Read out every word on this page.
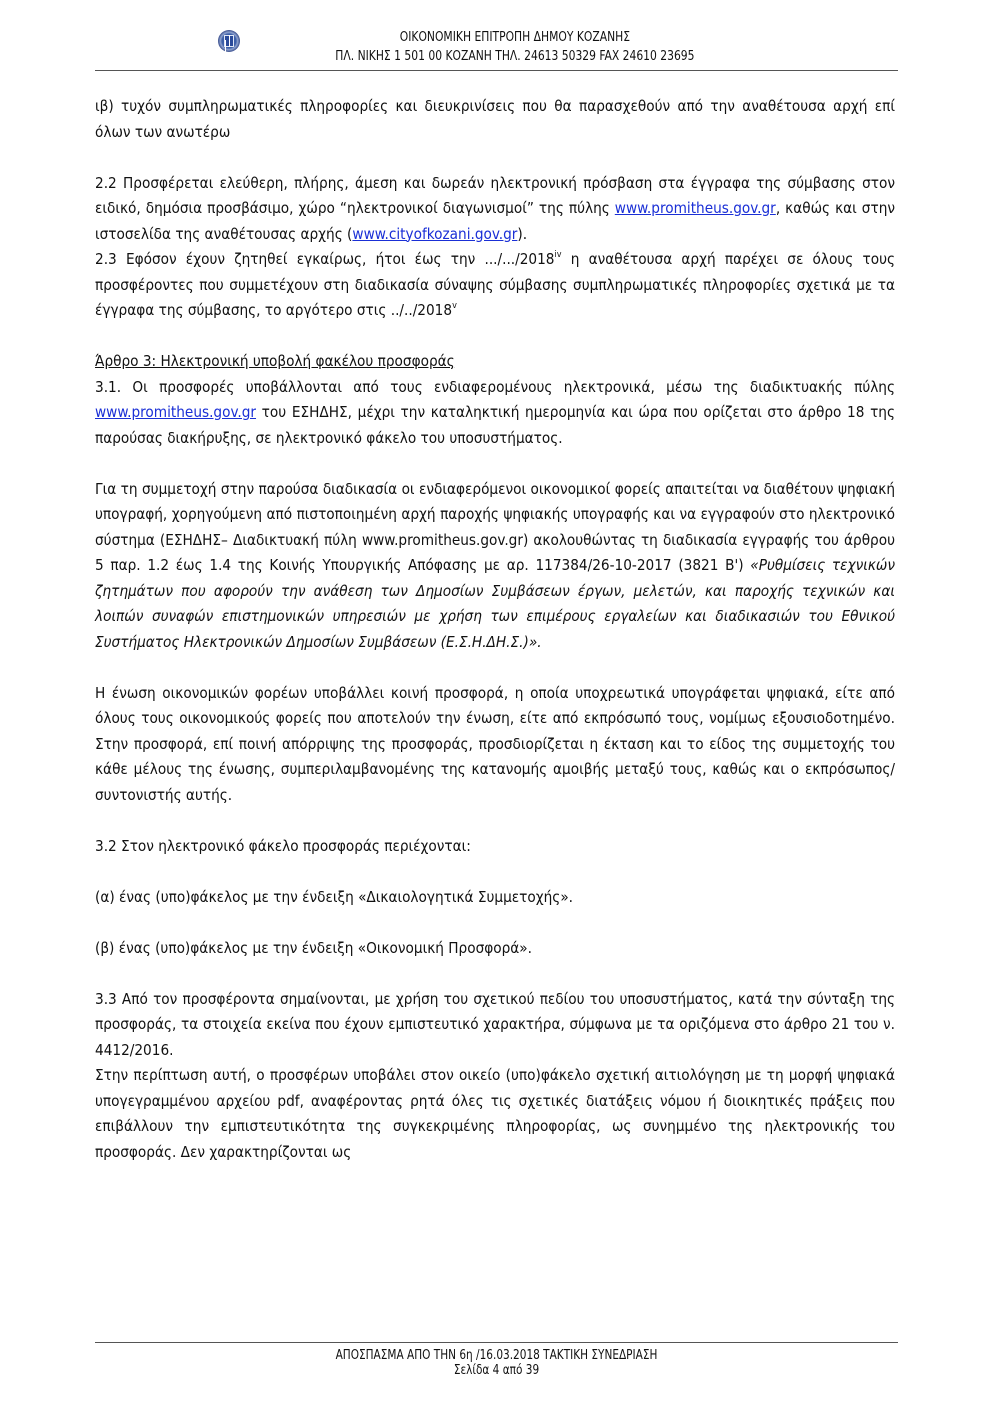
ΟΙΚΟΝΟΜΙΚΗ ΕΠΙΤΡΟΠΗ ΔΗΜΟΥ ΚΟΖΑΝΗΣ
ΠΛ. ΝΙΚΗΣ 1 501 00 ΚΟΖΑΝΗ ΤΗΛ. 24613 50329 FAX 24610 23695

ιβ) τυχόν συμπληρωματικές πληροφορίες και διευκρινίσεις που θα παρασχεθούν από την αναθέτουσα αρχή επί όλων των ανωτέρω

2.2 Προσφέρεται ελεύθερη, πλήρης, άμεση και δωρεάν ηλεκτρονική πρόσβαση στα έγγραφα της σύμβασης στον ειδικό, δημόσια προσβάσιμο, χώρο “ηλεκτρονικοί διαγωνισμοί” της πύλης www.promitheus.gov.gr, καθώς και στην ιστοσελίδα της αναθέτουσας αρχής (www.cityofkozani.gov.gr).

2.3 Εφόσον έχουν ζητηθεί εγκαίρως, ήτοι έως την .../.../2018$^{iv}$ η αναθέτουσα αρχή παρέχει σε όλους τους προσφέροντες που συμμετέχουν στη διαδικασία σύναψης σύμβασης συμπληρωματικές πληροφορίες σχετικά με τα έγγραφα της σύμβασης, το αργότερο στις ../../2018$^v$

Άρθρο 3: Ηλεκτρονική υποβολή φακέλου προσφοράς

3.1. Οι προσφορές υποβάλλονται από τους ενδιαφερομένους ηλεκτρονικά, μέσω της διαδικτυακής πύλης www.promitheus.gov.gr του ΕΣΗΔΗΣ, μέχρι την καταληκτική ημερομηνία και ώρα που ορίζεται στο άρθρο 18 της παρούσας διακήρυξης, σε ηλεκτρονικό φάκελο του υποσυστήματος.

Για τη συμμετοχή στην παρούσα διαδικασία οι ενδιαφερόμενοι οικονομικοί φορείς απαιτείται να διαθέτουν ψηφιακή υπογραφή, χορηγούμενη από πιστοποιημένη αρχή παροχής ψηφιακής υπογραφής και να εγγραφούν στο ηλεκτρονικό σύστημα (ΕΣΗΔΗΣ– Διαδικτυακή πύλη www.promitheus.gov.gr) ακολουθώντας τη διαδικασία εγγραφής του άρθρου 5 παρ. 1.2 έως 1.4 της Κοινής Υπουργικής Απόφασης με αρ. 117384/26-10-2017 (3821 Β') «Ρυθμίσεις τεχνικών ζητημάτων που αφορούν την ανάθεση των Δημοσίων Συμβάσεων έργων, μελετών, και παροχής τεχνικών και λοιπών συναφών επιστημονικών υπηρεσιών με χρήση των επιμέρους εργαλείων και διαδικασιών του Εθνικού Συστήματος Ηλεκτρονικών Δημοσίων Συμβάσεων (Ε.Σ.Η.ΔΗ.Σ.)».

Η ένωση οικονομικών φορέων υποβάλλει κοινή προσφορά, η οποία υποχρεωτικά υπογράφεται ψηφιακά, είτε από όλους τους οικονομικούς φορείς που αποτελούν την ένωση, είτε από εκπρόσωπό τους, νομίμως εξουσιοδοτημένο. Στην προσφορά, επί ποινή απόρριψης της προσφοράς, προσδιορίζεται η έκταση και το είδος της συμμετοχής του κάθε μέλους της ένωσης, συμπεριλαμβανομένης της κατανομής αμοιβής μεταξύ τους, καθώς και ο εκπρόσωπος/συντονιστής αυτής.

3.2 Στον ηλεκτρονικό φάκελο προσφοράς περιέχονται:

(α) ένας (υπο)φάκελος με την ένδειξη «Δικαιολογητικά Συμμετοχής».

(β) ένας (υπο)φάκελος με την ένδειξη «Οικονομική Προσφορά».

3.3 Από τον προσφέροντα σημαίνονται, με χρήση του σχετικού πεδίου του υποσυστήματος, κατά την σύνταξη της προσφοράς, τα στοιχεία εκείνα που έχουν εμπιστευτικό χαρακτήρα, σύμφωνα με τα οριζόμενα στο άρθρο 21 του ν. 4412/2016.

Στην περίπτωση αυτή, ο προσφέρων υποβάλει στον οικείο (υπο)φάκελο σχετική αιτιολόγηση με τη μορφή ψηφιακά υπογεγραμμένου αρχείου pdf, αναφέροντας ρητά όλες τις σχετικές διατάξεις νόμου ή διοικητικές πράξεις που επιβάλλουν την εμπιστευτικότητα της συγκεκριμένης πληροφορίας, ως συνημμένο της ηλεκτρονικής του προσφοράς. Δεν χαρακτηρίζονται ως

ΑΠΟΣΠΑΣΜΑ ΑΠΟ ΤΗΝ 6η /16.03.2018 ΤΑΚΤΙΚΗ ΣΥΝΕΔΡΙΑΣΗ
Σελίδα 4 από 39
